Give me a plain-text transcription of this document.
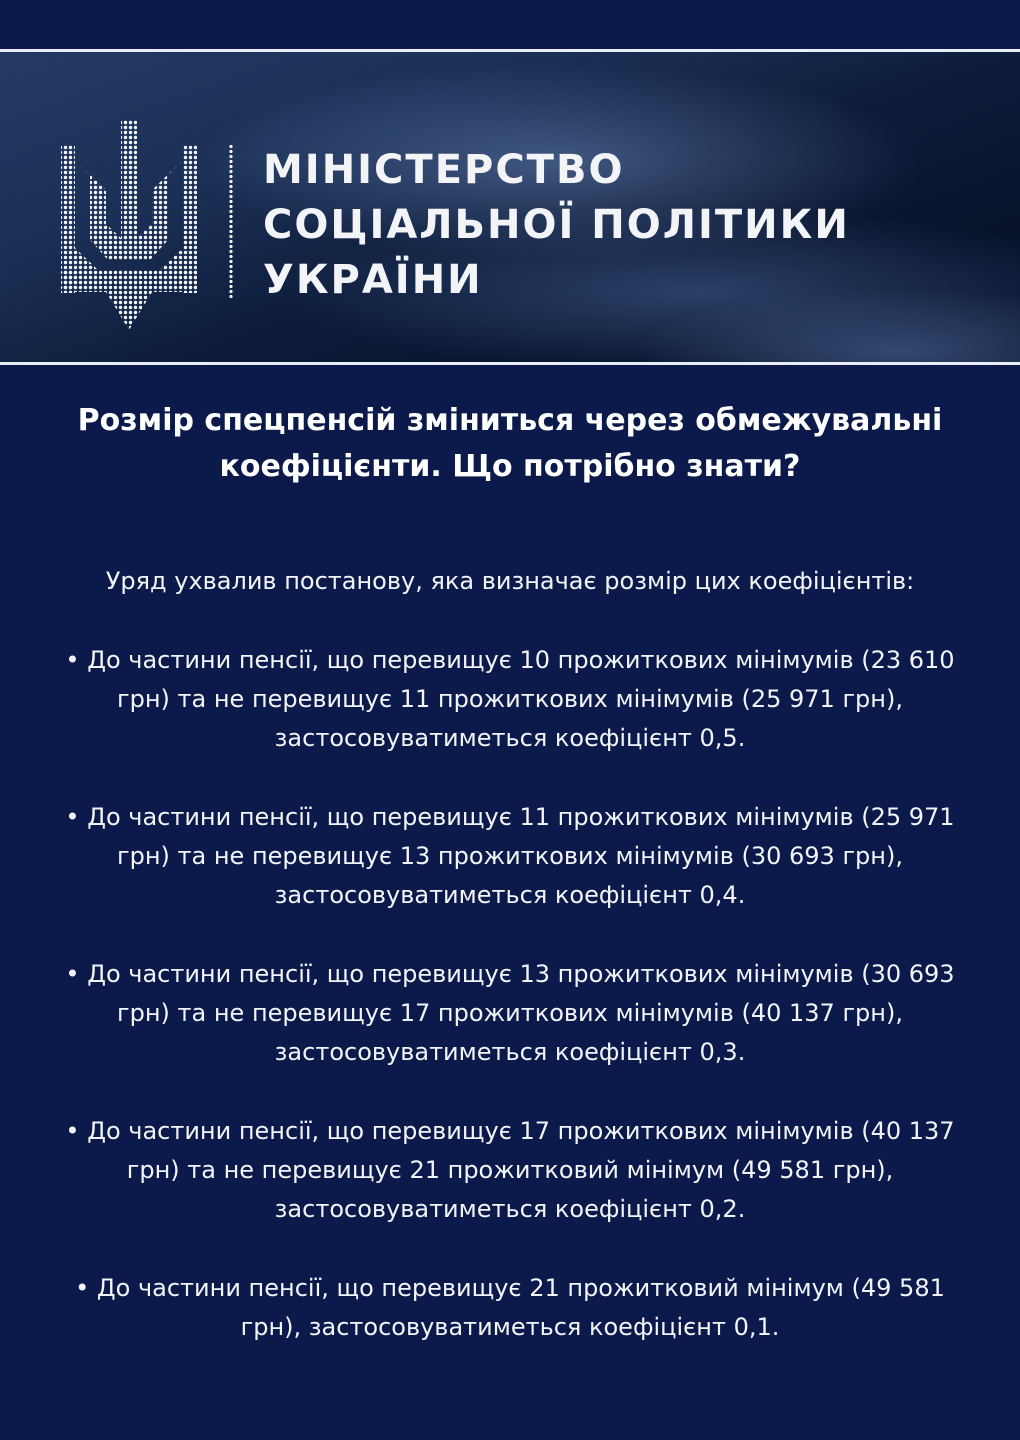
МІНІСТЕРСТВО
СОЦІАЛЬНОЇ ПОЛІТИКИ
УКРАЇНИ
Розмір спецпенсій зміниться через обмежувальні коефіцієнти. Що потрібно знати?

Уряд ухвалив постанову, яка визначає розмір цих коефіцієнтів:

• До частини пенсії, що перевищує 10 прожиткових мінімумів (23 610 грн) та не перевищує 11 прожиткових мінімумів (25 971 грн), застосовуватиметься коефіцієнт 0,5.

• До частини пенсії, що перевищує 11 прожиткових мінімумів (25 971 грн) та не перевищує 13 прожиткових мінімумів (30 693 грн), застосовуватиметься коефіцієнт 0,4.

• До частини пенсії, що перевищує 13 прожиткових мінімумів (30 693 грн) та не перевищує 17 прожиткових мінімумів (40 137 грн), застосовуватиметься коефіцієнт 0,3.

• До частини пенсії, що перевищує 17 прожиткових мінімумів (40 137 грн) та не перевищує 21 прожитковий мінімум (49 581 грн), застосовуватиметься коефіцієнт 0,2.

• До частини пенсії, що перевищує 21 прожитковий мінімум (49 581 грн), застосовуватиметься коефіцієнт 0,1.
